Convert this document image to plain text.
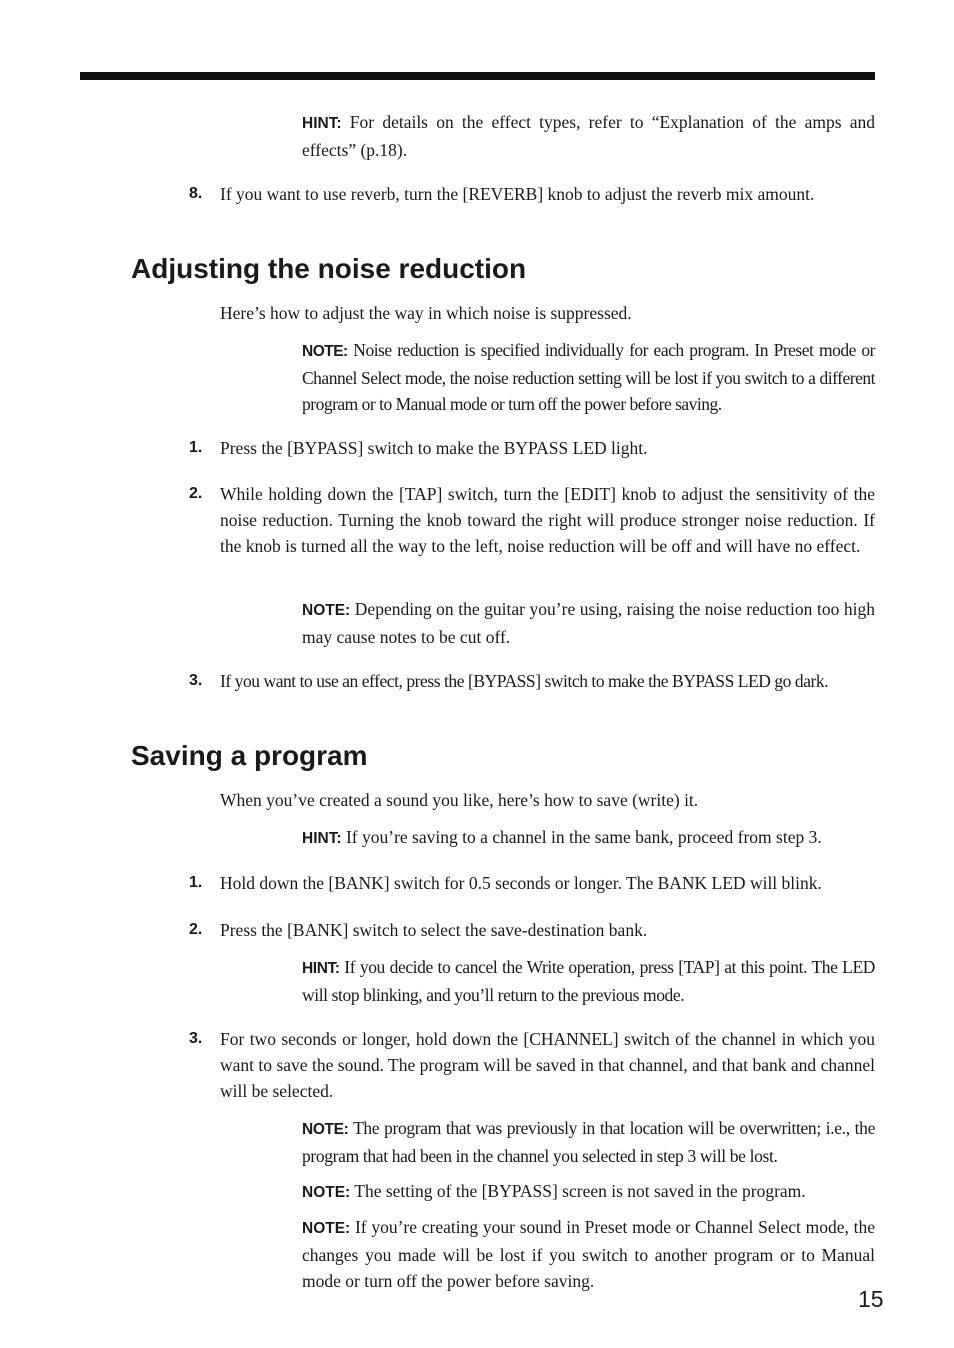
HINT: For details on the effect types, refer to “Explanation of the amps and effects” (p.18).
8. If you want to use reverb, turn the [REVERB] knob to adjust the reverb mix amount.
Adjusting the noise reduction
Here’s how to adjust the way in which noise is suppressed.
NOTE: Noise reduction is specified individually for each program. In Preset mode or Channel Select mode, the noise reduction setting will be lost if you switch to a different program or to Manual mode or turn off the power before saving.
1. Press the [BYPASS] switch to make the BYPASS LED light.
2. While holding down the [TAP] switch, turn the [EDIT] knob to adjust the sensitivity of the noise reduction. Turning the knob toward the right will produce stronger noise reduction. If the knob is turned all the way to the left, noise reduction will be off and will have no effect.
NOTE: Depending on the guitar you’re using, raising the noise reduction too high may cause notes to be cut off.
3. If you want to use an effect, press the [BYPASS] switch to make the BYPASS LED go dark.
Saving a program
When you’ve created a sound you like, here’s how to save (write) it.
HINT: If you’re saving to a channel in the same bank, proceed from step 3.
1. Hold down the [BANK] switch for 0.5 seconds or longer. The BANK LED will blink.
2. Press the [BANK] switch to select the save-destination bank.
HINT: If you decide to cancel the Write operation, press [TAP] at this point. The LED will stop blinking, and you’ll return to the previous mode.
3. For two seconds or longer, hold down the [CHANNEL] switch of the channel in which you want to save the sound. The program will be saved in that channel, and that bank and channel will be selected.
NOTE: The program that was previously in that location will be overwritten; i.e., the program that had been in the channel you selected in step 3 will be lost.
NOTE: The setting of the [BYPASS] screen is not saved in the program.
NOTE: If you’re creating your sound in Preset mode or Channel Select mode, the changes you made will be lost if you switch to another program or to Manual mode or turn off the power before saving.
15
